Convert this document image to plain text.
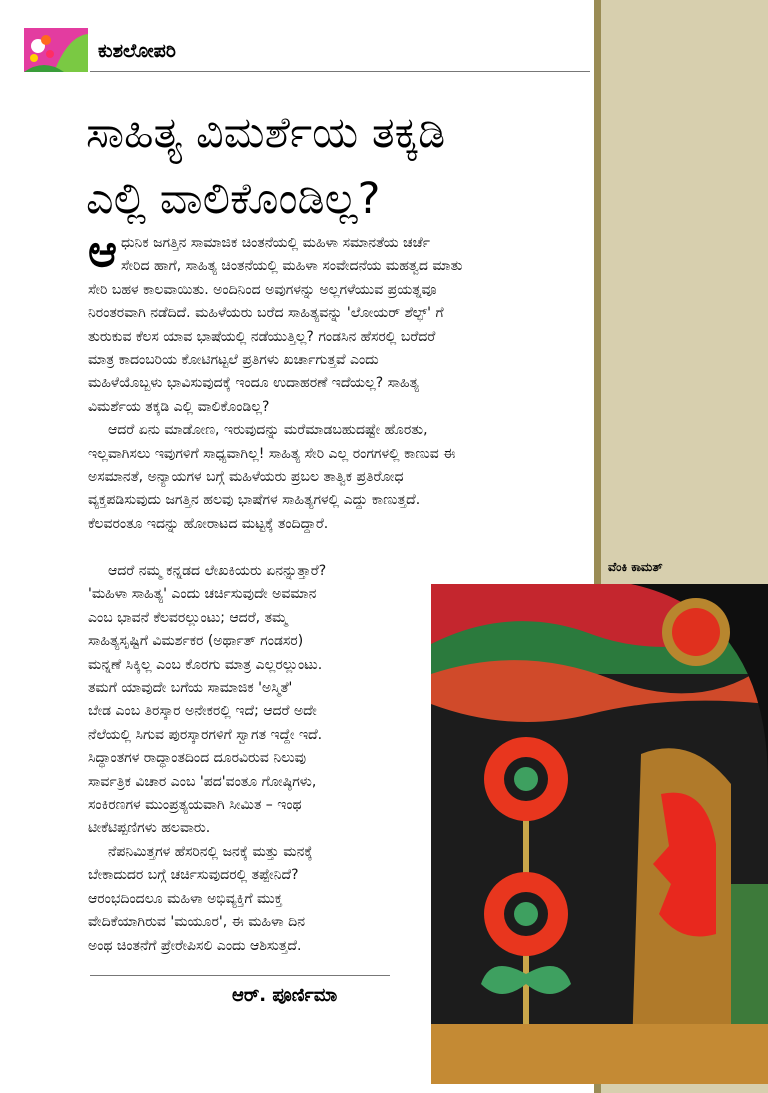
ಕುಶಲೋಪರಿ
ಸಾಹಿತ್ಯ ವಿಮರ್ಶೆಯ ತಕ್ಕಡಿ
ಎಲ್ಲಿ ವಾಲಿಕೊಂಡಿಲ್ಲ?

ಆ ಧುನಿಕ ಜಗತ್ತಿನ ಸಾಮಾಜಿಕ ಚಿಂತನೆಯಲ್ಲಿ ಮಹಿಳಾ ಸಮಾನತೆಯ ಚರ್ಚೆ
ಸೇರಿದ ಹಾಗೆ, ಸಾಹಿತ್ಯ ಚಿಂತನೆಯಲ್ಲಿ ಮಹಿಳಾ ಸಂವೇದನೆಯ ಮಹತ್ವದ ಮಾತು
ಸೇರಿ ಬಹಳ ಕಾಲವಾಯಿತು. ಅಂದಿನಿಂದ ಅವುಗಳನ್ನು ಅಲ್ಲಗಳೆಯುವ ಪ್ರಯತ್ನವೂ
ನಿರಂತರವಾಗಿ ನಡೆದಿದೆ. ಮಹಿಳೆಯರು ಬರೆದ ಸಾಹಿತ್ಯವನ್ನು 'ಲೋಯರ್ ಶೆಲ್ಫ್' ಗೆ
ತುರುಕುವ ಕೆಲಸ ಯಾವ ಭಾಷೆಯಲ್ಲಿ ನಡೆಯುತ್ತಿಲ್ಲ? ಗಂಡಸಿನ ಹೆಸರಲ್ಲಿ ಬರೆದರೆ
ಮಾತ್ರ ಕಾದಂಬರಿಯ ಕೋಟಿಗಟ್ಟಲೆ ಪ್ರತಿಗಳು ಖರ್ಚಾಗುತ್ತವೆ ಎಂದು
ಮಹಿಳೆಯೊಬ್ಬಳು ಭಾವಿಸುವುದಕ್ಕೆ ಇಂದೂ ಉದಾಹರಣೆ ಇದೆಯಲ್ಲ? ಸಾಹಿತ್ಯ
ವಿಮರ್ಶೆಯ ತಕ್ಕಡಿ ಎಲ್ಲಿ ವಾಲಿಕೊಂಡಿಲ್ಲ?

ಆದರೆ ಏನು ಮಾಡೋಣ, ಇರುವುದನ್ನು ಮರೆಮಾಡಬಹುದಷ್ಟೇ ಹೊರತು,
ಇಲ್ಲವಾಗಿಸಲು ಇವುಗಳಿಗೆ ಸಾಧ್ಯವಾಗಿಲ್ಲ! ಸಾಹಿತ್ಯ ಸೇರಿ ಎಲ್ಲ ರಂಗಗಳಲ್ಲಿ ಕಾಣುವ ಈ
ಅಸಮಾನತೆ, ಅನ್ಯಾಯಗಳ ಬಗ್ಗೆ ಮಹಿಳೆಯರು ಪ್ರಬಲ ತಾತ್ವಿಕ ಪ್ರತಿರೋಧ
ವ್ಯಕ್ತಪಡಿಸುವುದು ಜಗತ್ತಿನ ಹಲವು ಭಾಷೆಗಳ ಸಾಹಿತ್ಯಗಳಲ್ಲಿ ಎದ್ದು ಕಾಣುತ್ತದೆ.
ಕೆಲವರಂತೂ ಇದನ್ನು ಹೋರಾಟದ ಮಟ್ಟಕ್ಕೆ ತಂದಿದ್ದಾರೆ.

ಆದರೆ ನಮ್ಮ ಕನ್ನಡದ ಲೇಖಕಿಯರು ಏನನ್ನುತ್ತಾರೆ?
'ಮಹಿಳಾ ಸಾಹಿತ್ಯ' ಎಂದು ಚರ್ಚಿಸುವುದೇ ಅವಮಾನ
ಎಂಬ ಭಾವನೆ ಕೆಲವರಲ್ಲುಂಟು; ಆದರೆ, ತಮ್ಮ
ಸಾಹಿತ್ಯಸೃಷ್ಟಿಗೆ ವಿಮರ್ಶಕರ (ಅರ್ಥಾತ್ ಗಂಡಸರ)
ಮನ್ನಣೆ ಸಿಕ್ಕಿಲ್ಲ ಎಂಬ ಕೊರಗು ಮಾತ್ರ ಎಲ್ಲರಲ್ಲುಂಟು.
ತಮಗೆ ಯಾವುದೇ ಬಗೆಯ ಸಾಮಾಜಿಕ 'ಅಸ್ಮಿತೆ'
ಬೇಡ ಎಂಬ ತಿರಸ್ಕಾರ ಅನೇಕರಲ್ಲಿ ಇದೆ; ಆದರೆ ಅದೇ
ನೆಲೆಯಲ್ಲಿ ಸಿಗುವ ಪುರಸ್ಕಾರಗಳಿಗೆ ಸ್ವಾಗತ ಇದ್ದೇ ಇದೆ.
ಸಿದ್ಧಾಂತಗಳ ರಾದ್ಧಾಂತದಿಂದ ದೂರವಿರುವ ನಿಲುವು
ಸಾರ್ವತ್ರಿಕ ವಿಚಾರ ಎಂಬ 'ಪದ'ವಂತೂ ಗೋಷ್ಠಿಗಳು,
ಸಂಕಿರಣಗಳ ಮುಂಪ್ರತ್ಯಯವಾಗಿ ಸೀಮಿತ – ಇಂಥ
ಟೀಕೆಟಿಪ್ಪಣಿಗಳು ಹಲವಾರು.

ನೆಪನಿಮಿತ್ತಗಳ ಹೆಸರಿನಲ್ಲಿ ಜನಕ್ಕೆ ಮತ್ತು ಮನಕ್ಕೆ
ಬೇಕಾದುದರ ಬಗ್ಗೆ ಚರ್ಚಿಸುವುದರಲ್ಲಿ ತಪ್ಪೇನಿದೆ?
ಆರಂಭದಿಂದಲೂ ಮಹಿಳಾ ಅಭಿವ್ಯಕ್ತಿಗೆ ಮುಕ್ತ
ವೇದಿಕೆಯಾಗಿರುವ 'ಮಯೂರ', ಈ ಮಹಿಳಾ ದಿನ
ಅಂಥ ಚಿಂತನೆಗೆ ಪ್ರೇರೇಪಿಸಲಿ ಎಂದು ಆಶಿಸುತ್ತದೆ.

ಆರ್. ಪೂರ್ಣಿಮಾ
ವೆಂಕಿ ಕಾಮತ್
